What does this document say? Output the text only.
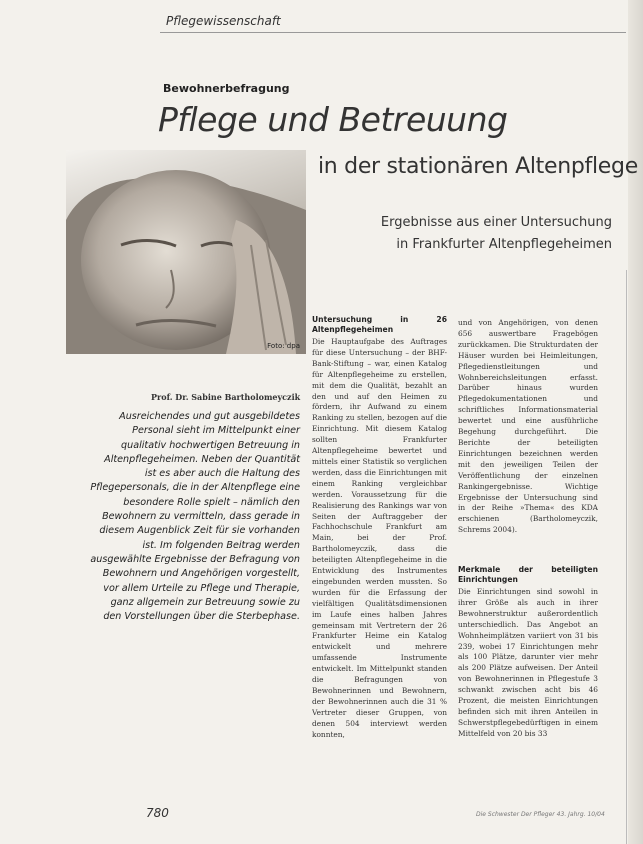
Pflegewissenschaft
Bewohnerbefragung
Pflege und Betreuung
in der stationären Altenpflege
Ergebnisse aus einer Untersuchung
in Frankfurter Altenpflegeheimen
Foto: dpa
Prof. Dr. Sabine Bartholomeyczik
Ausreichendes und gut ausgebildetes Personal sieht im Mittelpunkt einer qualitativ hochwertigen Betreuung in Altenpflegeheimen. Neben der Quantität ist es aber auch die Haltung des Pflegepersonals, die in der Altenpflege eine besondere Rolle spielt – nämlich den Bewohnern zu vermitteln, dass gerade in diesem Augenblick Zeit für sie vorhanden ist. Im folgenden Beitrag werden ausgewählte Ergebnisse der Befragung von Bewohnern und Angehörigen vorgestellt, vor allem Urteile zu Pflege und Therapie, ganz allgemein zur Betreuung sowie zu den Vorstellungen über die Sterbephase.
Untersuchung in 26 Altenpflegeheimen

Die Hauptaufgabe des Auftrages für diese Untersuchung – der BHF-Bank-Stiftung – war, einen Katalog für Altenpflegeheime zu erstellen, mit dem die Qualität, bezahlt an den und auf den Heimen zu fördern, ihr Aufwand zu einem Ranking zu stellen, bezogen auf die Einrichtung. Mit diesem Katalog sollten Frankfurter Altenpflegeheime bewertet und mittels einer Statistik so verglichen werden, dass die Einrichtungen mit einem Ranking vergleichbar werden. Voraussetzung für die Realisierung des Rankings war von Seiten der Auftraggeber der Fachhochschule Frankfurt am Main, bei der Prof. Bartholomeyczik, dass die beteiligten Altenpflegeheime in die Entwicklung des Instrumentes eingebunden werden mussten. So wurden für die Erfassung der vielfältigen Qualitätsdimensionen im Laufe eines halben Jahres gemeinsam mit Vertretern der 26 Frankfurter Heime ein Katalog entwickelt und mehrere umfassende Instrumente entwickelt. Im Mittelpunkt standen die Befragungen von Bewohnerinnen und Bewohnern, der Bewohnerinnen auch die 31 % Vertreter dieser Gruppen, von denen 504 interviewt werden konnten,

und von Angehörigen, von denen 656 auswertbare Fragebögen zurückkamen. Die Strukturdaten der Häuser wurden bei Heimleitungen, Pflegedienstleitungen und Wohnbereichsleitungen erfasst. Darüber hinaus wurden Pflegedokumentationen und schriftliches Informationsmaterial bewertet und eine ausführliche Begehung durchgeführt. Die Berichte der beteiligten Einrichtungen bezeichnen werden mit den jeweiligen Teilen der Veröffentlichung der einzelnen Rankingergebnisse. Wichtige Ergebnisse der Untersuchung sind in der Reihe »Thema« des KDA erschienen (Bartholomeyczik, Schrems 2004).

Merkmale der beteiligten Einrichtungen

Die Einrichtungen sind sowohl in ihrer Größe als auch in ihrer Bewohnerstruktur außerordentlich unterschiedlich. Das Angebot an Wohnheimplätzen variiert von 31 bis 239, wobei 17 Einrichtungen mehr als 100 Plätze, darunter vier mehr als 200 Plätze aufweisen. Der Anteil von Bewohnerinnen in Pflegestufe 3 schwankt zwischen acht bis 46 Prozent, die meisten Einrichtungen befinden sich mit ihren Anteilen in Schwerstpflegebedürftigen in einem Mittelfeld von 20 bis 33

780	Die Schwester Der Pfleger 43. Jahrg. 10/04
